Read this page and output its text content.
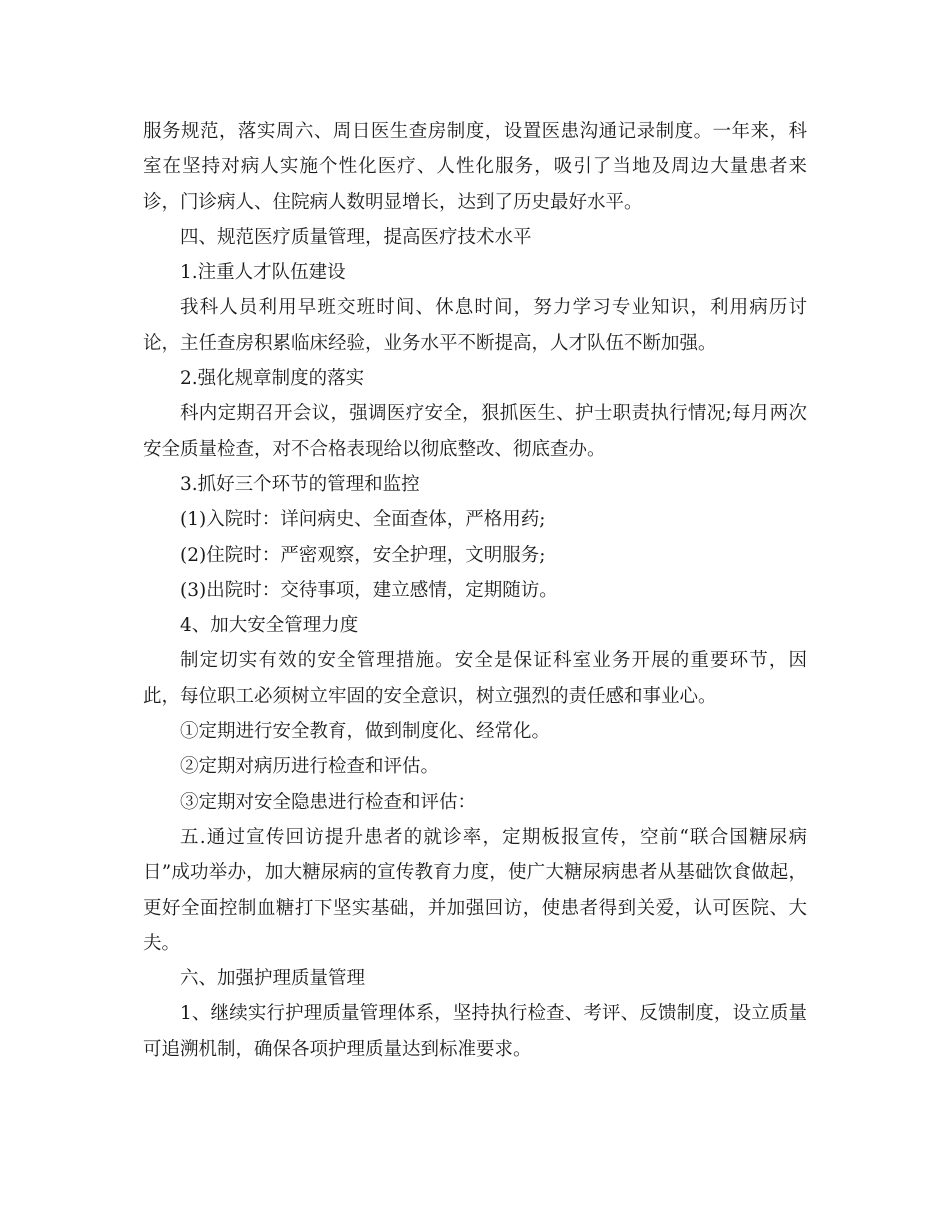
服务规范，落实周六、周日医生查房制度，设置医患沟通记录制度。一年来，科室在坚持对病人实施个性化医疗、人性化服务，吸引了当地及周边大量患者来诊，门诊病人、住院病人数明显增长，达到了历史最好水平。

四、规范医疗质量管理，提高医疗技术水平

1.注重人才队伍建设

我科人员利用早班交班时间、休息时间，努力学习专业知识，利用病历讨论，主任查房积累临床经验，业务水平不断提高，人才队伍不断加强。

2.强化规章制度的落实

科内定期召开会议，强调医疗安全，狠抓医生、护士职责执行情况;每月两次安全质量检查，对不合格表现给以彻底整改、彻底查办。

3.抓好三个环节的管理和监控

(1)入院时：详问病史、全面查体，严格用药;

(2)住院时：严密观察，安全护理，文明服务;

(3)出院时：交待事项，建立感情，定期随访。

4、加大安全管理力度

制定切实有效的安全管理措施。安全是保证科室业务开展的重要环节，因此，每位职工必须树立牢固的安全意识，树立强烈的责任感和事业心。

①定期进行安全教育，做到制度化、经常化。

②定期对病历进行检查和评估。

③定期对安全隐患进行检查和评估：

五.通过宣传回访提升患者的就诊率，定期板报宣传，空前“联合国糖尿病日”成功举办，加大糖尿病的宣传教育力度，使广大糖尿病患者从基础饮食做起，更好全面控制血糖打下坚实基础，并加强回访，使患者得到关爱，认可医院、大夫。

六、加强护理质量管理

1、继续实行护理质量管理体系，坚持执行检查、考评、反馈制度，设立质量可追溯机制，确保各项护理质量达到标准要求。
